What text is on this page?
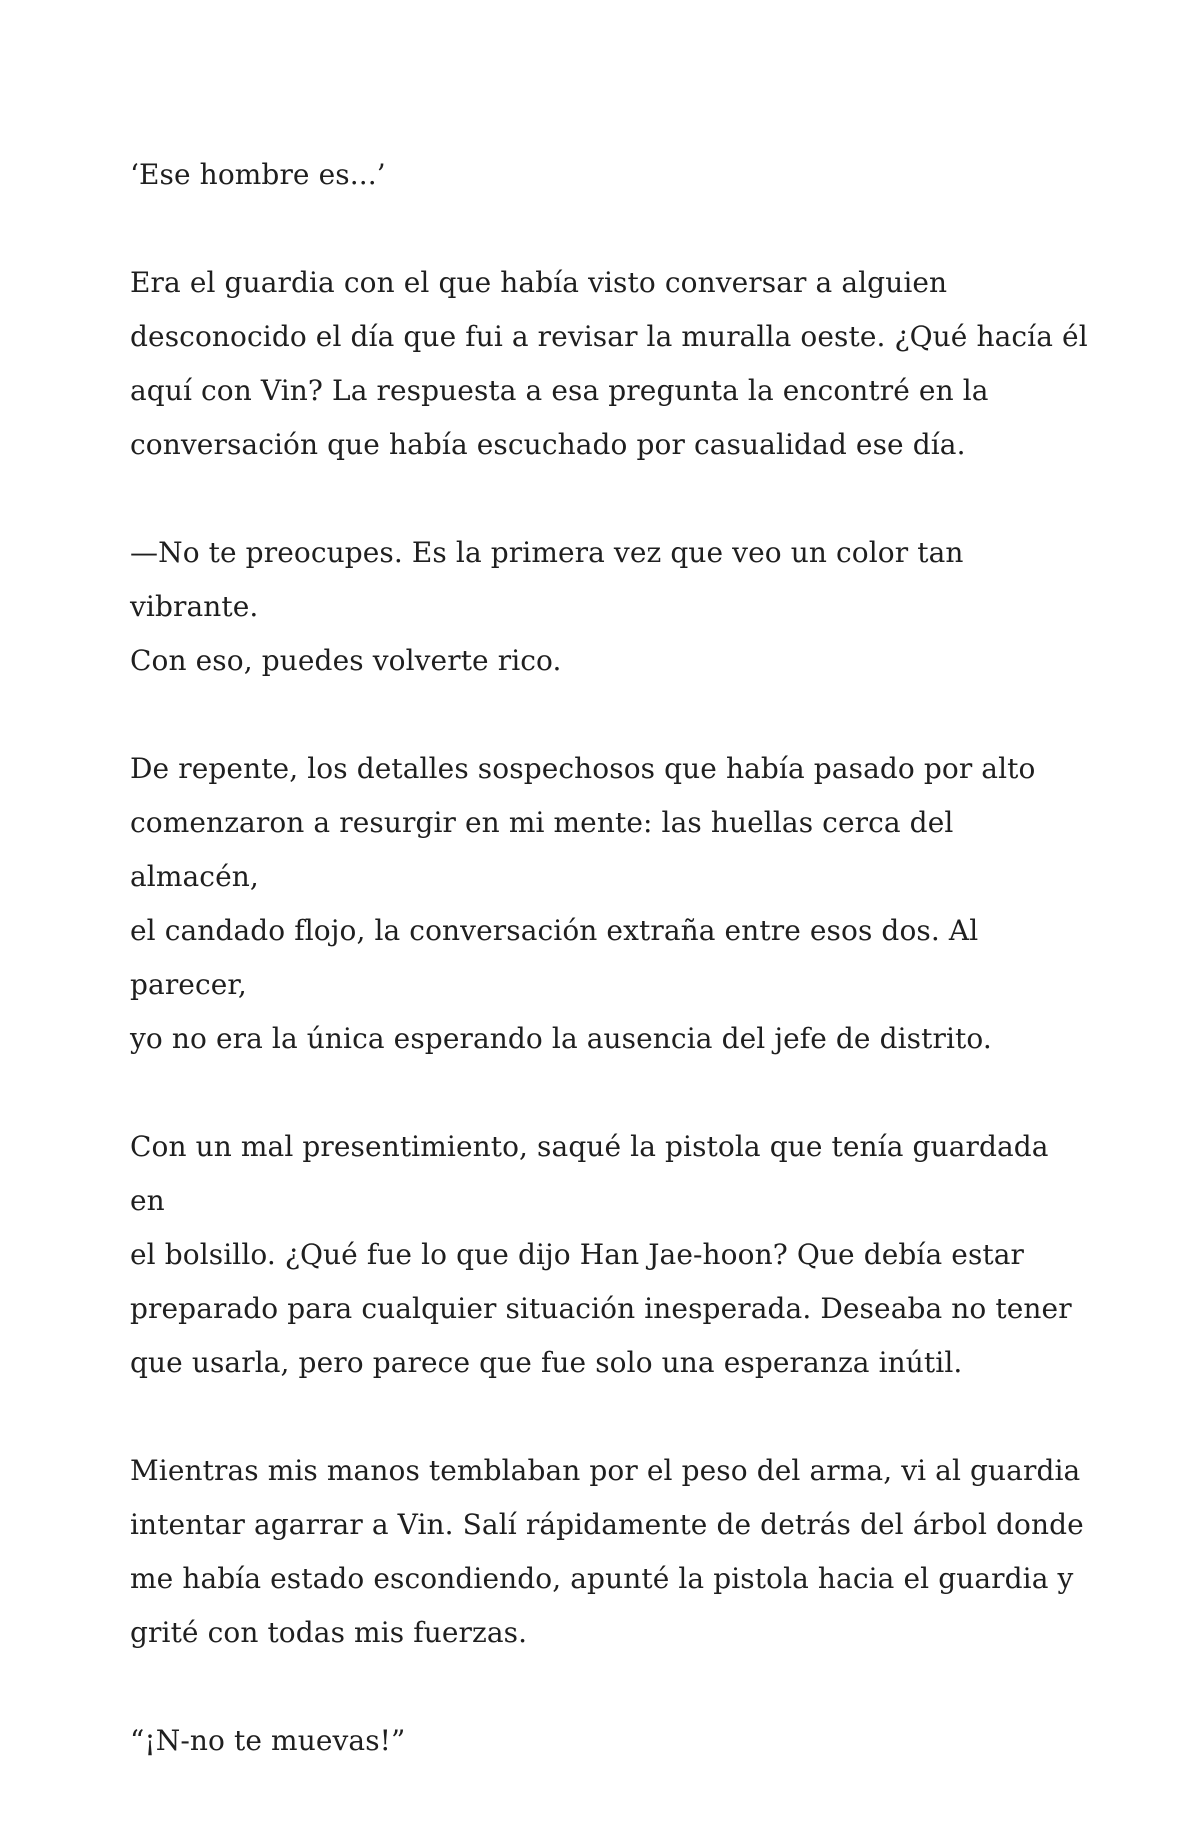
‘Ese hombre es...’

Era el guardia con el que había visto conversar a alguien
desconocido el día que fui a revisar la muralla oeste. ¿Qué hacía él
aquí con Vin? La respuesta a esa pregunta la encontré en la
conversación que había escuchado por casualidad ese día.

—No te preocupes. Es la primera vez que veo un color tan vibrante.
Con eso, puedes volverte rico.

De repente, los detalles sospechosos que había pasado por alto
comenzaron a resurgir en mi mente: las huellas cerca del almacén,
el candado flojo, la conversación extraña entre esos dos. Al parecer,
yo no era la única esperando la ausencia del jefe de distrito.

Con un mal presentimiento, saqué la pistola que tenía guardada en
el bolsillo. ¿Qué fue lo que dijo Han Jae-hoon? Que debía estar
preparado para cualquier situación inesperada. Deseaba no tener
que usarla, pero parece que fue solo una esperanza inútil.

Mientras mis manos temblaban por el peso del arma, vi al guardia
intentar agarrar a Vin. Salí rápidamente de detrás del árbol donde
me había estado escondiendo, apunté la pistola hacia el guardia y
grité con todas mis fuerzas.

“¡N-no te muevas!”
